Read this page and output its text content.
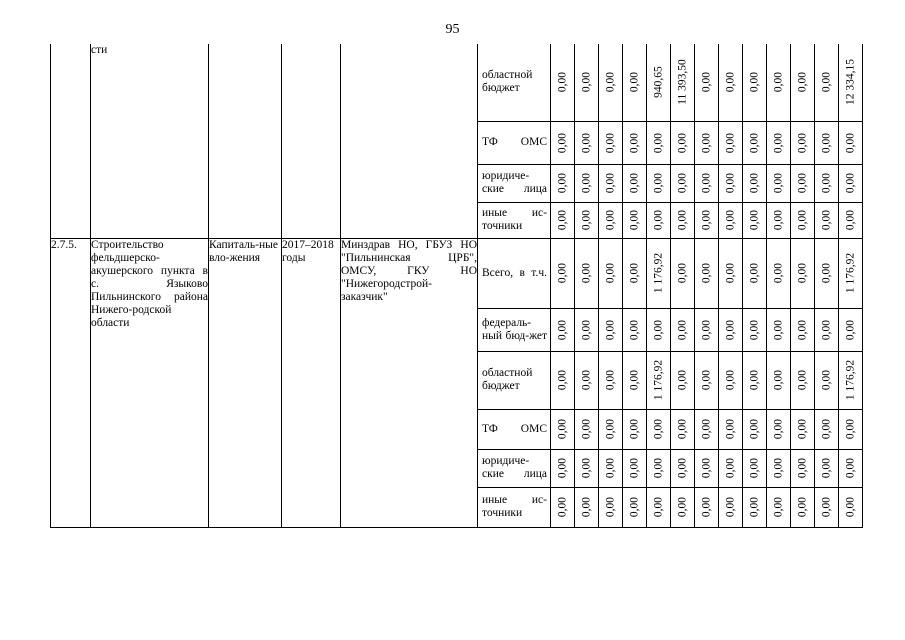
95
	сти				областной бюджет	0,00	0,00	0,00	0,00	940,65	11 393,50	0,00	0,00	0,00	0,00	0,00	0,00	12 334,15

					ТФ ОМС	0,00	0,00	0,00	0,00	0,00	0,00	0,00	0,00	0,00	0,00	0,00	0,00	0,00

					юридиче-ские лица	0,00	0,00	0,00	0,00	0,00	0,00	0,00	0,00	0,00	0,00	0,00	0,00	0,00

					иные ис-точники	0,00	0,00	0,00	0,00	0,00	0,00	0,00	0,00	0,00	0,00	0,00	0,00	0,00

2.7.5.	Строительство фельдшерско-акушерского пункта в с. Языково Пильнинского района Нижего-родской области	Капиталь-ные вло-жения	2017–2018 годы	Минздрав НО, ГБУЗ НО "Пильнинская ЦРБ", ОМСУ, ГКУ НО "Нижегородстрой-заказчик"	Всего, в т.ч.	0,00	0,00	0,00	0,00	1 176,92	0,00	0,00	0,00	0,00	0,00	0,00	0,00	1 176,92

					федераль-ный бюд-жет	0,00	0,00	0,00	0,00	0,00	0,00	0,00	0,00	0,00	0,00	0,00	0,00	0,00

					областной бюджет	0,00	0,00	0,00	0,00	1 176,92	0,00	0,00	0,00	0,00	0,00	0,00	0,00	1 176,92

					ТФ ОМС	0,00	0,00	0,00	0,00	0,00	0,00	0,00	0,00	0,00	0,00	0,00	0,00	0,00

					юридиче-ские лица	0,00	0,00	0,00	0,00	0,00	0,00	0,00	0,00	0,00	0,00	0,00	0,00	0,00

					иные ис-точники	0,00	0,00	0,00	0,00	0,00	0,00	0,00	0,00	0,00	0,00	0,00	0,00	0,00
